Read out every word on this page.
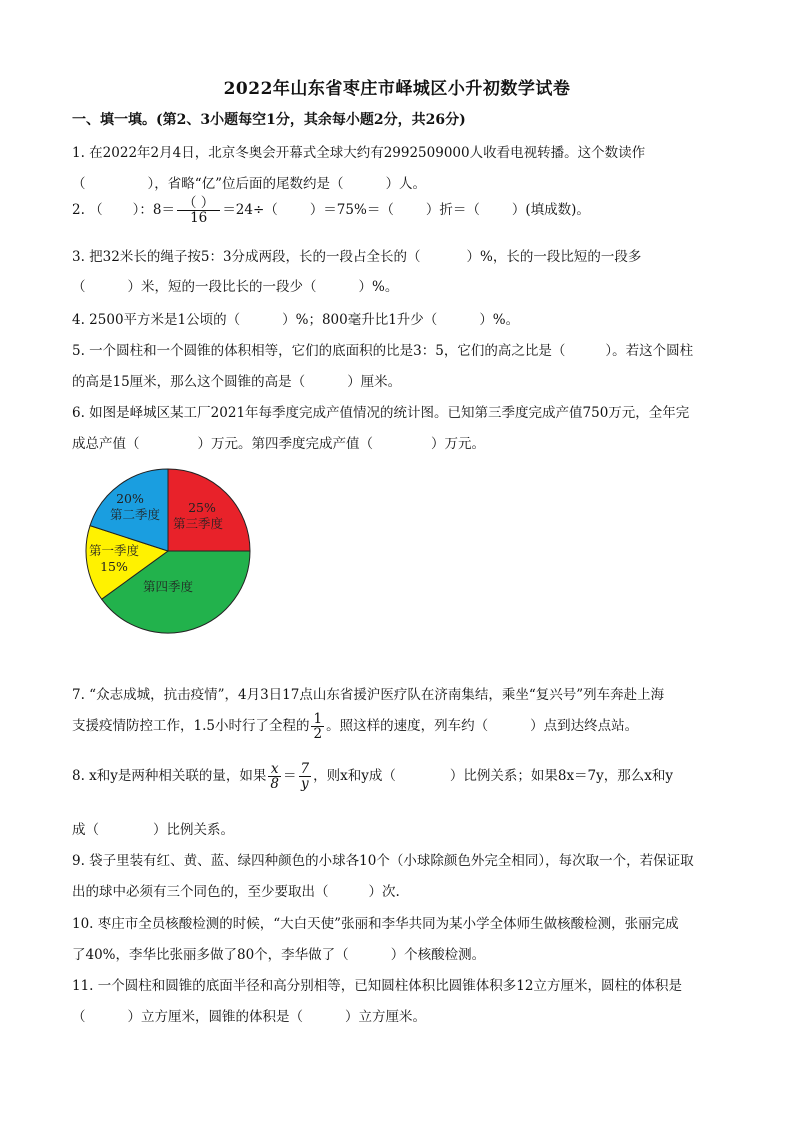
2022年山东省枣庄市峄城区小升初数学试卷
一、填一填。(第2、3小题每空1分，其余每小题2分，共26分)
1. 在2022年2月4日，北京冬奥会开幕式全球大约有2992509000人收看电视转播。这个数读作
（	），省略“亿”位后面的尾数约是（	）人。
2. （ ）：$8= \frac{( )}{16} =24\div$（ ）＝75%＝（ ）折＝（ ）(填成数)。
3. 把32米长的绳子按5：3分成两段，长的一段占全长的（	）%，长的一段比短的一段多
（	）米，短的一段比长的一段少（	）%。
4. 2500平方米是1公顷的（	）%；800毫升比1升少（	）%。
5. 一个圆柱和一个圆锥的体积相等，它们的底面积的比是3：5，它们的高之比是（	）。若这个圆柱
的高是15厘米，那么这个圆锥的高是（	）厘米。
6. 如图是峄城区某工厂2021年每季度完成产值情况的统计图。已知第三季度完成产值750万元，全年完
成总产值（	）万元。第四季度完成产值（	）万元。
25%
第三季度
第四季度
第一季度
15%
20%
第二季度
7. “众志成城，抗击疫情”，4月3日17点山东省援沪医疗队在济南集结，乘坐“复兴号”列车奔赴上海
支援疫情防控工作，1.5小时行了全程的 $\frac{1}{2}$ 。照这样的速度，列车约（	）点到达终点站。
8. x和y是两种相关联的量，如果 $\frac{x}{8} = \frac{7}{y}$ ，则x和y成（	）比例关系；如果8x＝7y，那么x和y
成（	）比例关系。
9. 袋子里装有红、黄、蓝、绿四种颜色的小球各10个（小球除颜色外完全相同），每次取一个，若保证取
出的球中必须有三个同色的，至少要取出（	）次.
10. 枣庄市全员核酸检测的时候，“大白天使”张丽和李华共同为某小学全体师生做核酸检测，张丽完成
了40%，李华比张丽多做了80个，李华做了（	）个核酸检测。
11. 一个圆柱和圆锥的底面半径和高分别相等，已知圆柱体积比圆锥体积多12立方厘米，圆柱的体积是
（	）立方厘米，圆锥的体积是（	）立方厘米。
